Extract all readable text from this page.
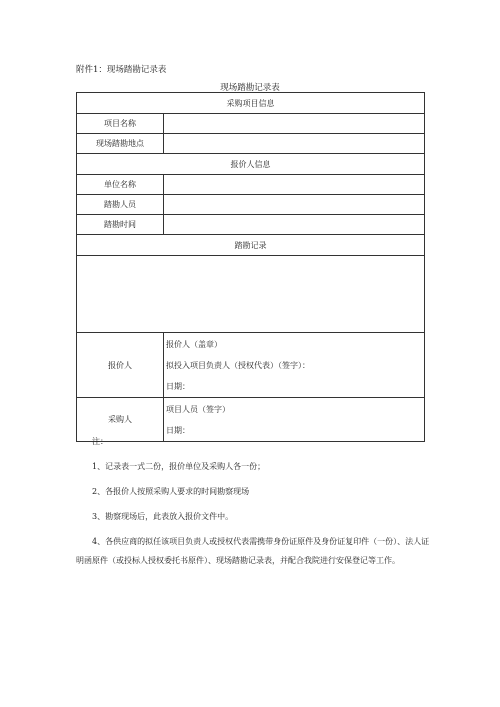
附件1：现场踏勘记录表
现场踏勘记录表
采购项目信息	
项目名称	
现场踏勘地点	
报价人信息	
单位名称	
踏勘人员	
踏勘时间	
踏勘记录	

报价人	报价人（盖章）
拟投入项目负责人（授权代表）（签字）：
日期：

采购人	项目人员（签字）
日期：

注：

1、记录表一式二份，报价单位及采购人各一份；

2、各报价人按照采购人要求的时间勘察现场

3、勘察现场后，此表放入报价文件中。

4、各供应商的拟任该项目负责人或授权代表需携带身份证原件及身份证复印件（一份）、法人证明函原件（或投标人授权委托书原件）、现场踏勘记录表，并配合我院进行安保登记等工作。
